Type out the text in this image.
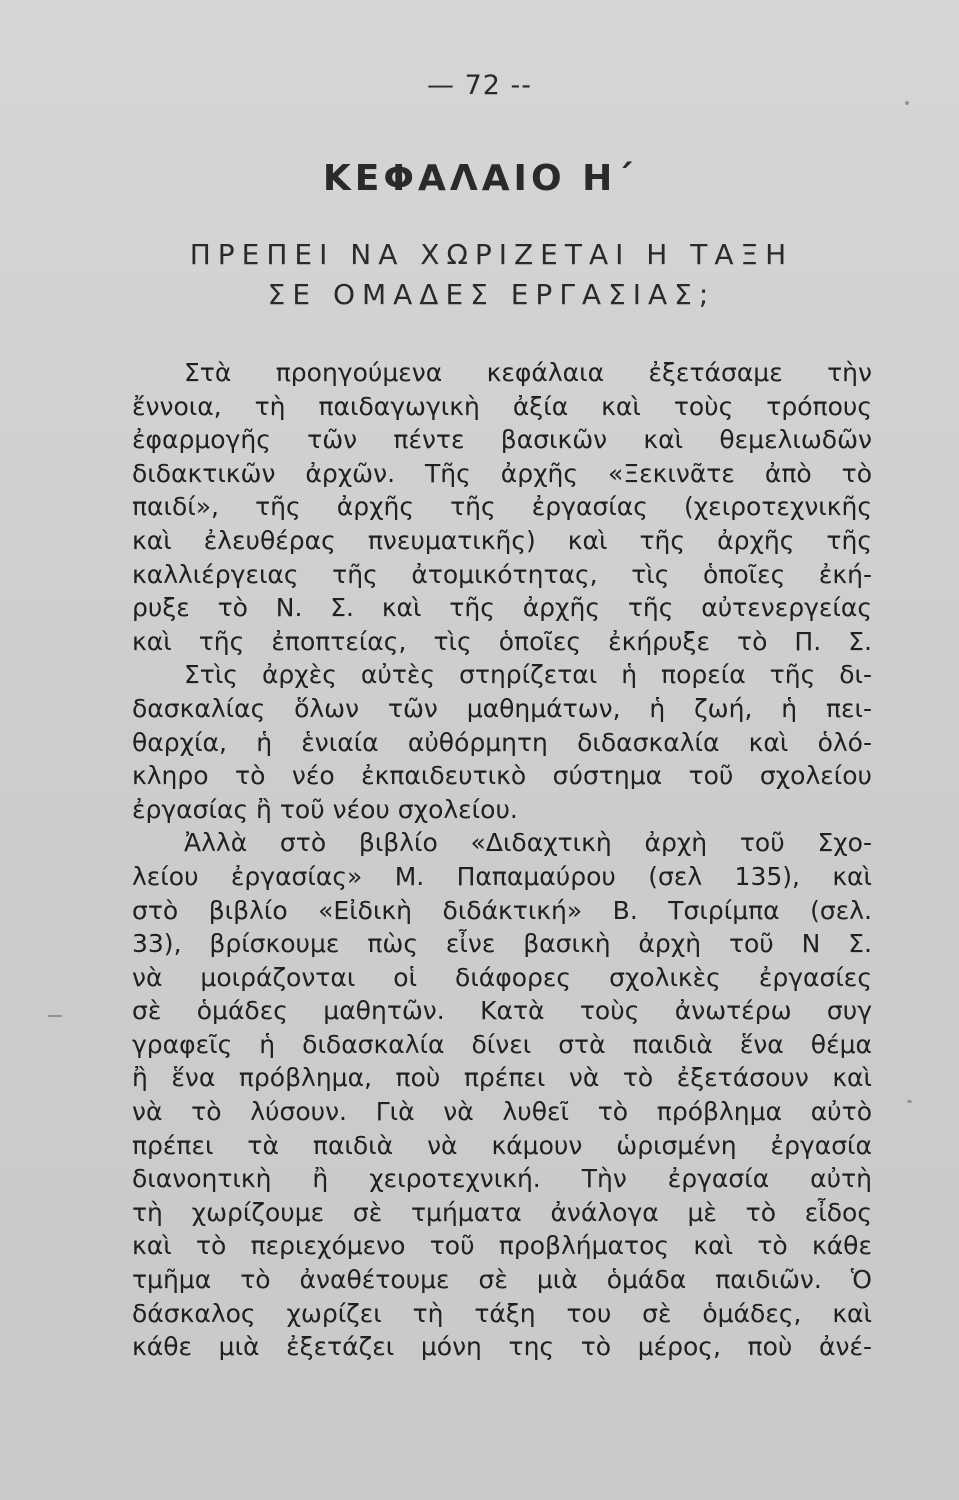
— 72 --
ΚΕΦΑΛΑΙΟ Η΄
ΠΡΕΠΕΙ ΝΑ ΧΩΡΙΖΕΤΑΙ Η ΤΑΞΗ
ΣΕ ΟΜΑΔΕΣ ΕΡΓΑΣΙΑΣ;
Στὰ προηγούμενα κεφάλαια ἐξετάσαμε τὴν
ἔννοια, τὴ παιδαγωγικὴ ἀξία καὶ τοὺς τρόπους
ἐφαρμογῆς τῶν πέντε βασικῶν καὶ θεμελιωδῶν
διδακτικῶν ἀρχῶν. Τῆς ἀρχῆς «Ξεκινᾶτε ἀπὸ τὸ
παιδί», τῆς ἀρχῆς τῆς ἐργασίας (χειροτεχνικῆς
καὶ ἐλευθέρας πνευματικῆς) καὶ τῆς ἀρχῆς τῆς
καλλιέργειας τῆς ἀτομικότητας, τὶς ὁποῖες ἐκή-
ρυξε τὸ Ν. Σ. καὶ τῆς ἀρχῆς τῆς αὐτενεργείας
καὶ τῆς ἐποπτείας, τὶς ὁποῖες ἐκήρυξε τὸ Π. Σ.
Στὶς ἀρχὲς αὐτὲς στηρίζεται ἡ πορεία τῆς δι-
δασκαλίας ὅλων τῶν μαθημάτων, ἡ ζωή, ἡ πει-
θαρχία, ἡ ἑνιαία αὐθόρμητη διδασκαλία καὶ ὁλό-
κληρο τὸ νέο ἐκπαιδευτικὸ σύστημα τοῦ σχολείου
ἐργασίας ἢ τοῦ νέου σχολείου.
Ἀλλὰ στὸ βιβλίο «Διδαχτικὴ ἀρχὴ τοῦ Σχο-
λείου ἐργασίας» Μ. Παπαμαύρου (σελ 135), καὶ
στὸ βιβλίο «Εἰδικὴ διδάκτική» Β. Τσιρίμπα (σελ.
33), βρίσκουμε πὼς εἶνε βασικὴ ἀρχὴ τοῦ Ν Σ.
νὰ μοιράζονται οἱ διάφορες σχολικὲς ἐργασίες
σὲ ὁμάδες μαθητῶν. Κατὰ τοὺς ἀνωτέρω συγ
γραφεῖς ἡ διδασκαλία δίνει στὰ παιδιὰ ἕνα θέμα
ἢ ἕνα πρόβλημα, ποὺ πρέπει νὰ τὸ ἐξετάσουν καὶ
νὰ τὸ λύσουν. Γιὰ νὰ λυθεῖ τὸ πρόβλημα αὐτὸ
πρέπει τὰ παιδιὰ νὰ κάμουν ὡρισμένη ἐργασία
διανοητικὴ ἢ χειροτεχνική. Τὴν ἐργασία αὐτὴ
τὴ χωρίζουμε σὲ τμήματα ἀνάλογα μὲ τὸ εἶδος
καὶ τὸ περιεχόμενο τοῦ προβλήματος καὶ τὸ κάθε
τμῆμα τὸ ἀναθέτουμε σὲ μιὰ ὁμάδα παιδιῶν. Ὁ
δάσκαλος χωρίζει τὴ τάξη του σὲ ὁμάδες, καὶ
κάθε μιὰ ἐξετάζει μόνη της τὸ μέρος, ποὺ ἀνέ-
